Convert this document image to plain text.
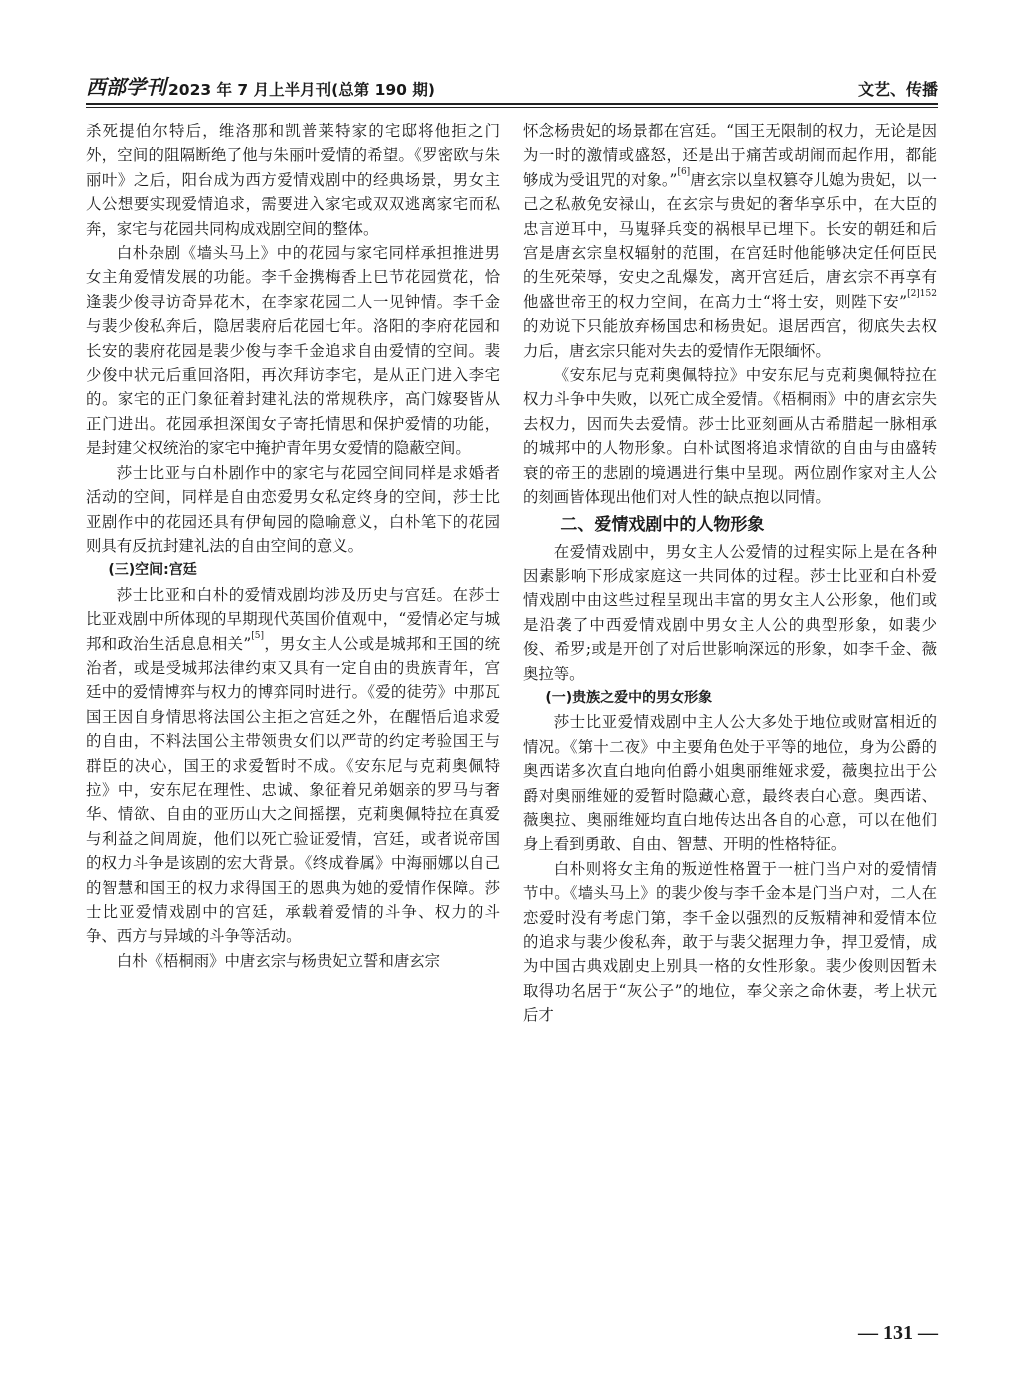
西部学刊 2023 年 7 月上半月刊(总第 190 期)	文艺、传播

杀死提伯尔特后，维洛那和凯普莱特家的宅邸将他拒之门外，空间的阻隔断绝了他与朱丽叶爱情的希望。《罗密欧与朱丽叶》之后，阳台成为西方爱情戏剧中的经典场景，男女主人公想要实现爱情追求，需要进入家宅或双双逃离家宅而私奔，家宅与花园共同构成戏剧空间的整体。

白朴杂剧《墙头马上》中的花园与家宅同样承担推进男女主角爱情发展的功能。李千金携梅香上巳节花园赏花，恰逢裴少俊寻访奇异花木，在李家花园二人一见钟情。李千金与裴少俊私奔后，隐居裴府后花园七年。洛阳的李府花园和长安的裴府花园是裴少俊与李千金追求自由爱情的空间。裴少俊中状元后重回洛阳，再次拜访李宅，是从正门进入李宅的。家宅的正门象征着封建礼法的常规秩序，高门嫁娶皆从正门进出。花园承担深闺女子寄托情思和保护爱情的功能，是封建父权统治的家宅中掩护青年男女爱情的隐蔽空间。

莎士比亚与白朴剧作中的家宅与花园空间同样是求婚者活动的空间，同样是自由恋爱男女私定终身的空间，莎士比亚剧作中的花园还具有伊甸园的隐喻意义，白朴笔下的花园则具有反抗封建礼法的自由空间的意义。

(三)空间:宫廷

莎士比亚和白朴的爱情戏剧均涉及历史与宫廷。在莎士比亚戏剧中所体现的早期现代英国价值观中，“爱情必定与城邦和政治生活息息相关”[5]，男女主人公或是城邦和王国的统治者，或是受城邦法律约束又具有一定自由的贵族青年，宫廷中的爱情博弈与权力的博弈同时进行。《爱的徒劳》中那瓦国王因自身情思将法国公主拒之宫廷之外，在醒悟后追求爱的自由，不料法国公主带领贵女们以严苛的约定考验国王与群臣的决心，国王的求爱暂时不成。《安东尼与克莉奥佩特拉》中，安东尼在理性、忠诚、象征着兄弟姻亲的罗马与奢华、情欲、自由的亚历山大之间摇摆，克莉奥佩特拉在真爱与利益之间周旋，他们以死亡验证爱情，宫廷，或者说帝国的权力斗争是该剧的宏大背景。《终成眷属》中海丽娜以自己的智慧和国王的权力求得国王的恩典为她的爱情作保障。莎士比亚爱情戏剧中的宫廷，承载着爱情的斗争、权力的斗争、西方与异域的斗争等活动。

白朴《梧桐雨》中唐玄宗与杨贵妃立誓和唐玄宗

怀念杨贵妃的场景都在宫廷。“国王无限制的权力，无论是因为一时的激情或盛怒，还是出于痛苦或胡闹而起作用，都能够成为受诅咒的对象。”[6]唐玄宗以皇权篡夺儿媳为贵妃，以一己之私赦免安禄山，在玄宗与贵妃的奢华享乐中，在大臣的忠言逆耳中，马嵬驿兵变的祸根早已埋下。长安的朝廷和后宫是唐玄宗皇权辐射的范围，在宫廷时他能够决定任何臣民的生死荣辱，安史之乱爆发，离开宫廷后，唐玄宗不再享有他盛世帝王的权力空间，在高力士“将士安，则陛下安”$^{[2]152}$的劝说下只能放弃杨国忠和杨贵妃。退居西宫，彻底失去权力后，唐玄宗只能对失去的爱情作无限缅怀。

《安东尼与克莉奥佩特拉》中安东尼与克莉奥佩特拉在权力斗争中失败，以死亡成全爱情。《梧桐雨》中的唐玄宗失去权力，因而失去爱情。莎士比亚刻画从古希腊起一脉相承的城邦中的人物形象。白朴试图将追求情欲的自由与由盛转衰的帝王的悲剧的境遇进行集中呈现。两位剧作家对主人公的刻画皆体现出他们对人性的缺点抱以同情。

二、爱情戏剧中的人物形象

在爱情戏剧中，男女主人公爱情的过程实际上是在各种因素影响下形成家庭这一共同体的过程。莎士比亚和白朴爱情戏剧中由这些过程呈现出丰富的男女主人公形象，他们或是沿袭了中西爱情戏剧中男女主人公的典型形象，如裴少俊、希罗;或是开创了对后世影响深远的形象，如李千金、薇奥拉等。

(一)贵族之爱中的男女形象

莎士比亚爱情戏剧中主人公大多处于地位或财富相近的情况。《第十二夜》中主要角色处于平等的地位，身为公爵的奥西诺多次直白地向伯爵小姐奥丽维娅求爱，薇奥拉出于公爵对奥丽维娅的爱暂时隐藏心意，最终表白心意。奥西诺、薇奥拉、奥丽维娅均直白地传达出各自的心意，可以在他们身上看到勇敢、自由、智慧、开明的性格特征。

白朴则将女主角的叛逆性格置于一桩门当户对的爱情情节中。《墙头马上》的裴少俊与李千金本是门当户对，二人在恋爱时没有考虑门第，李千金以强烈的反叛精神和爱情本位的追求与裴少俊私奔，敢于与裴父据理力争，捍卫爱情，成为中国古典戏剧史上别具一格的女性形象。裴少俊则因暂未取得功名居于“灰公子”的地位，奉父亲之命休妻，考上状元后才

— 131 —
